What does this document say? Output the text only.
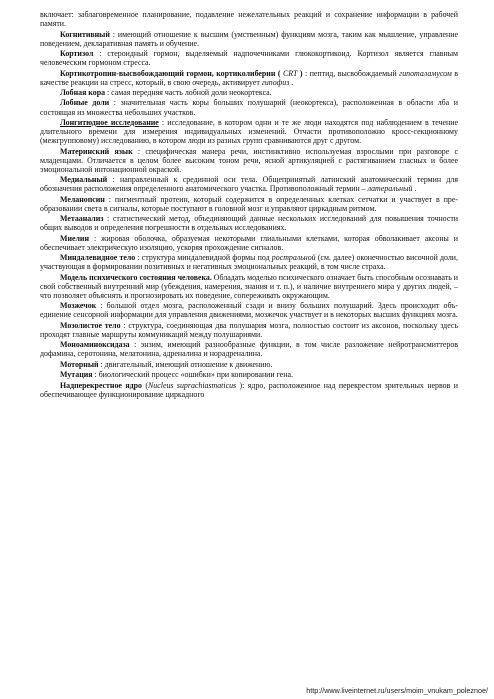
включает: заблаговременное планирование, подавление нежелательных реакций и сохранение информации в рабочей памяти.

Когнитивный : имеющий отношение к высшим (умственным) функциям мозга, таким как мышление, управление поведением, декларативная память и обучение.

Кортизол : стероидный гормон, выделяемый надпочечниками глюкокортикоид. Кортизол является главным человеческим гормоном стресса.

Кортикотропин-высвобождающий гормон, кортиколиберин ( CRT ) : пептид, высвобождаемый гипоталамусом в качестве реакции на стресс, который, в свою очередь, активирует гипофиз .

Лобная кора : самая передняя часть лобной доли неокортекса.

Лобные доли : значительная часть коры больших полушарий (неокортекса), расположенная в области лба и состоящая из множества небольших участков.

Лонгитюдное исследование : исследование, в котором одни и те же люди находятся под наблюдением в течение длительного времени для измерения индивидуальных изменений. Отчасти противоположно кросс-секционному (межгрупповому) исследованию, в котором люди из разных групп сравниваются друг с другом.

Материнский язык : специфическая манера речи, инстинктивно используемая взрослыми при разговоре с младенцами. Отличается в целом более высоким тоном речи, ясной артикуляцией с растягиванием гласных и более эмоциональной интонационной окраской.

Медиальный : направленный к срединной оси тела. Общепринятый латинский анатомический термин для обозначения расположения определенного анатомического участка. Противоположный термин – латеральный .

Меланопсин : пигментный протеин, который содержится в определенных клетках сетчатки и участвует в пре-образовании света в сигналы, которые поступают в головной мозг и управляют циркадным ритмом.

Метаанализ : статистический метод, объединяющий данные нескольких исследований для повышения точности общих выводов и определения погрешности в отдельных исследованиях.

Миелин : жировая оболочка, образуемая некоторыми глиальными клетками, которая обволакивает аксоны и обеспечивает электрическую изоляцию, ускоряя прохождение сигналов.

Миндалевидное тело : структура миндалевидной формы под ростральной (см. далее) оконечностью височной доли, участвующая в формировании позитивных и негативных эмоциональных реакций, в том числе страха.

Модель психического состояния человека. Обладать моделью психического означает быть способным осознавать и свой собственный внутренний мир (убеждения, намерения, знания и т. п.), и наличие внутреннего мира у других людей, – что позволяет объяснять и прогнозировать их поведение, сопереживать окружающим.

Мозжечок : большой отдел мозга, расположенный сзади и внизу больших полушарий. Здесь происходит объ-единение сенсорной информации для управления движениями, мозжечок участвует и в некоторых высших функциях мозга.

Мозолистое тело : структура, соединяющая два полушария мозга, полностью состоит из аксонов, поскольку здесь проходят главные маршруты коммуникаций между полушариями.

Моноаминоксидаза : энзим, имеющий разнообразные функции, в том числе разложение нейротрансмиттеров дофамина, серотонина, мелатонина, адреналина и норадреналина.

Моторный : двигательный, имеющий отношение к движению.

Мутация : биологический процесс «ошибки» при копировании гена.

Надперекрестное ядро (Nucleus suprachiasmaticus ): ядро, расположенное над перекрестом зрительных нервов и обеспечивающее функционирование циркадного

http://www.liveinternet.ru/users/moim_vnukam_poleznoe/
